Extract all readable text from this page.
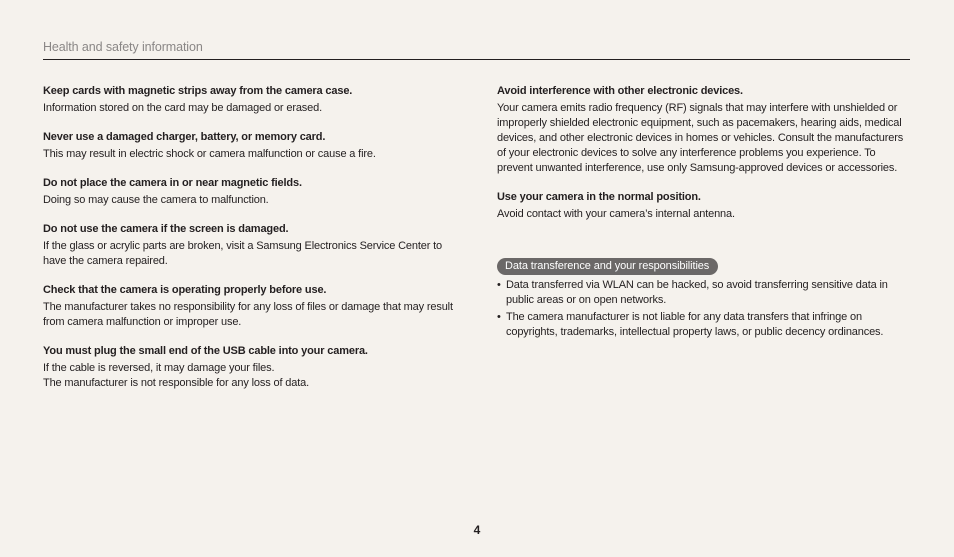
Health and safety information
Keep cards with magnetic strips away from the camera case.
Information stored on the card may be damaged or erased.
Never use a damaged charger, battery, or memory card.
This may result in electric shock or camera malfunction or cause a fire.
Do not place the camera in or near magnetic fields.
Doing so may cause the camera to malfunction.
Do not use the camera if the screen is damaged.
If the glass or acrylic parts are broken, visit a Samsung Electronics Service Center to have the camera repaired.
Check that the camera is operating properly before use.
The manufacturer takes no responsibility for any loss of files or damage that may result from camera malfunction or improper use.
You must plug the small end of the USB cable into your camera.
If the cable is reversed, it may damage your files.
The manufacturer is not responsible for any loss of data.
Avoid interference with other electronic devices.
Your camera emits radio frequency (RF) signals that may interfere with unshielded or improperly shielded electronic equipment, such as pacemakers, hearing aids, medical devices, and other electronic devices in homes or vehicles. Consult the manufacturers of your electronic devices to solve any interference problems you experience. To prevent unwanted interference, use only Samsung-approved devices or accessories.
Use your camera in the normal position.
Avoid contact with your camera’s internal antenna.
Data transference and your responsibilities
• Data transferred via WLAN can be hacked, so avoid transferring sensitive data in public areas or on open networks.
• The camera manufacturer is not liable for any data transfers that infringe on copyrights, trademarks, intellectual property laws, or public decency ordinances.
4
